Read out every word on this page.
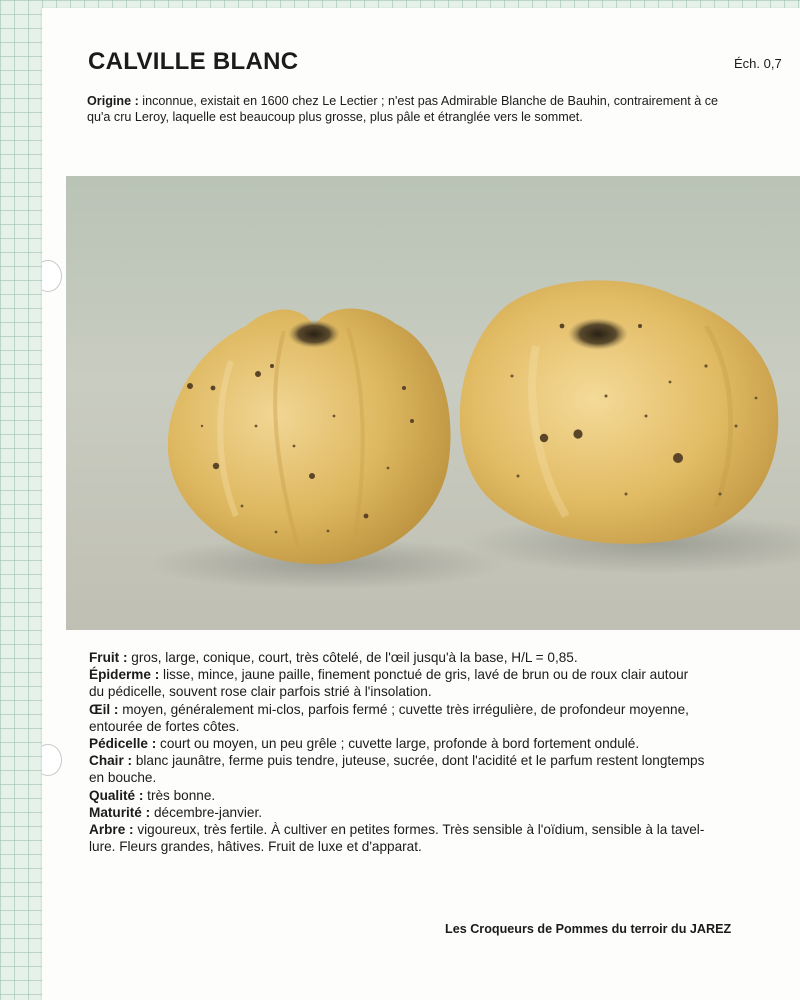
CALVILLE BLANC	Éch. 0,7

Origine : inconnue, existait en 1600 chez Le Lectier ; n'est pas Admirable Blanche de Bauhin, contrairement à ce
qu'a cru Leroy, laquelle est beaucoup plus grosse, plus pâle et étranglée vers le sommet.

Fruit : gros, large, conique, court, très côtelé, de l'œil jusqu'à la base, H/L = 0,85.
Épiderme : lisse, mince, jaune paille, finement ponctué de gris, lavé de brun ou de roux clair autour
du pédicelle, souvent rose clair parfois strié à l'insolation.
Œil : moyen, généralement mi-clos, parfois fermé ; cuvette très irrégulière, de profondeur moyenne,
entourée de fortes côtes.
Pédicelle : court ou moyen, un peu grêle ; cuvette large, profonde à bord fortement ondulé.
Chair : blanc jaunâtre, ferme puis tendre, juteuse, sucrée, dont l'acidité et le parfum restent longtemps
en bouche.
Qualité : très bonne.
Maturité : décembre-janvier.
Arbre : vigoureux, très fertile. À cultiver en petites formes. Très sensible à l'oïdium, sensible à la tavel-
lure. Fleurs grandes, hâtives. Fruit de luxe et d'apparat.
Les Croqueurs de Pommes du terroir du JAREZ
